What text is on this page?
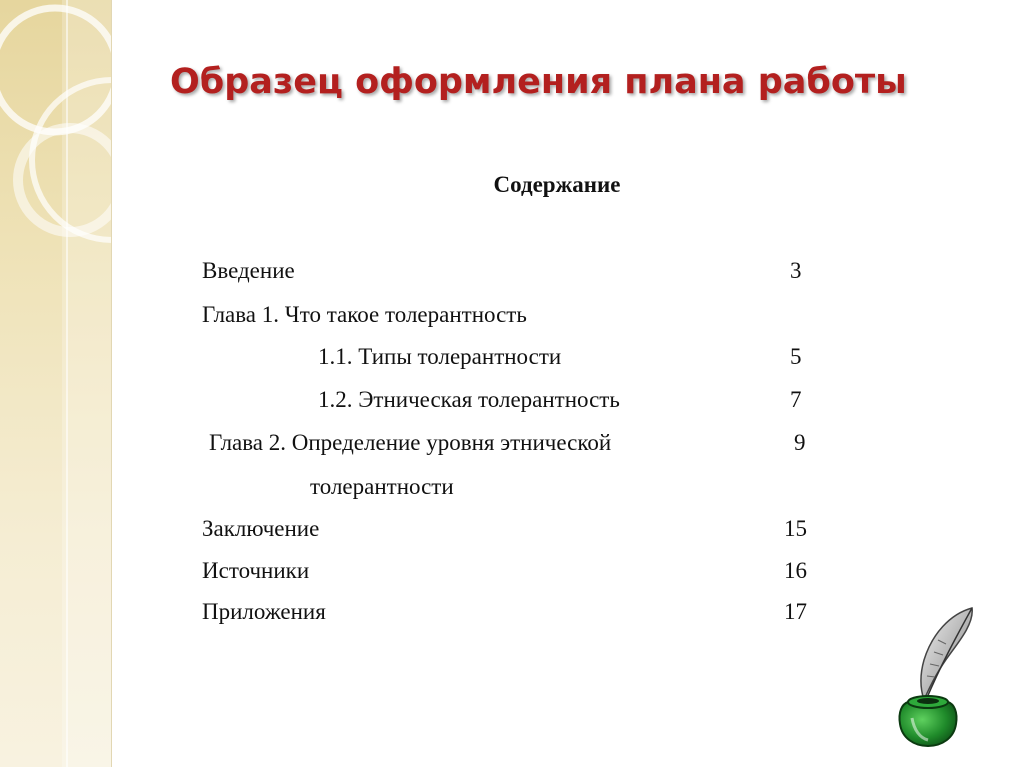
Образец оформления плана работы
Содержание
Введение	3
Глава 1. Что такое толерантность
1.1. Типы толерантности	5
1.2. Этническая толерантность	7
Глава 2. Определение уровня этнической	9
толерантности
Заключение	15
Источники	16
Приложения	17
